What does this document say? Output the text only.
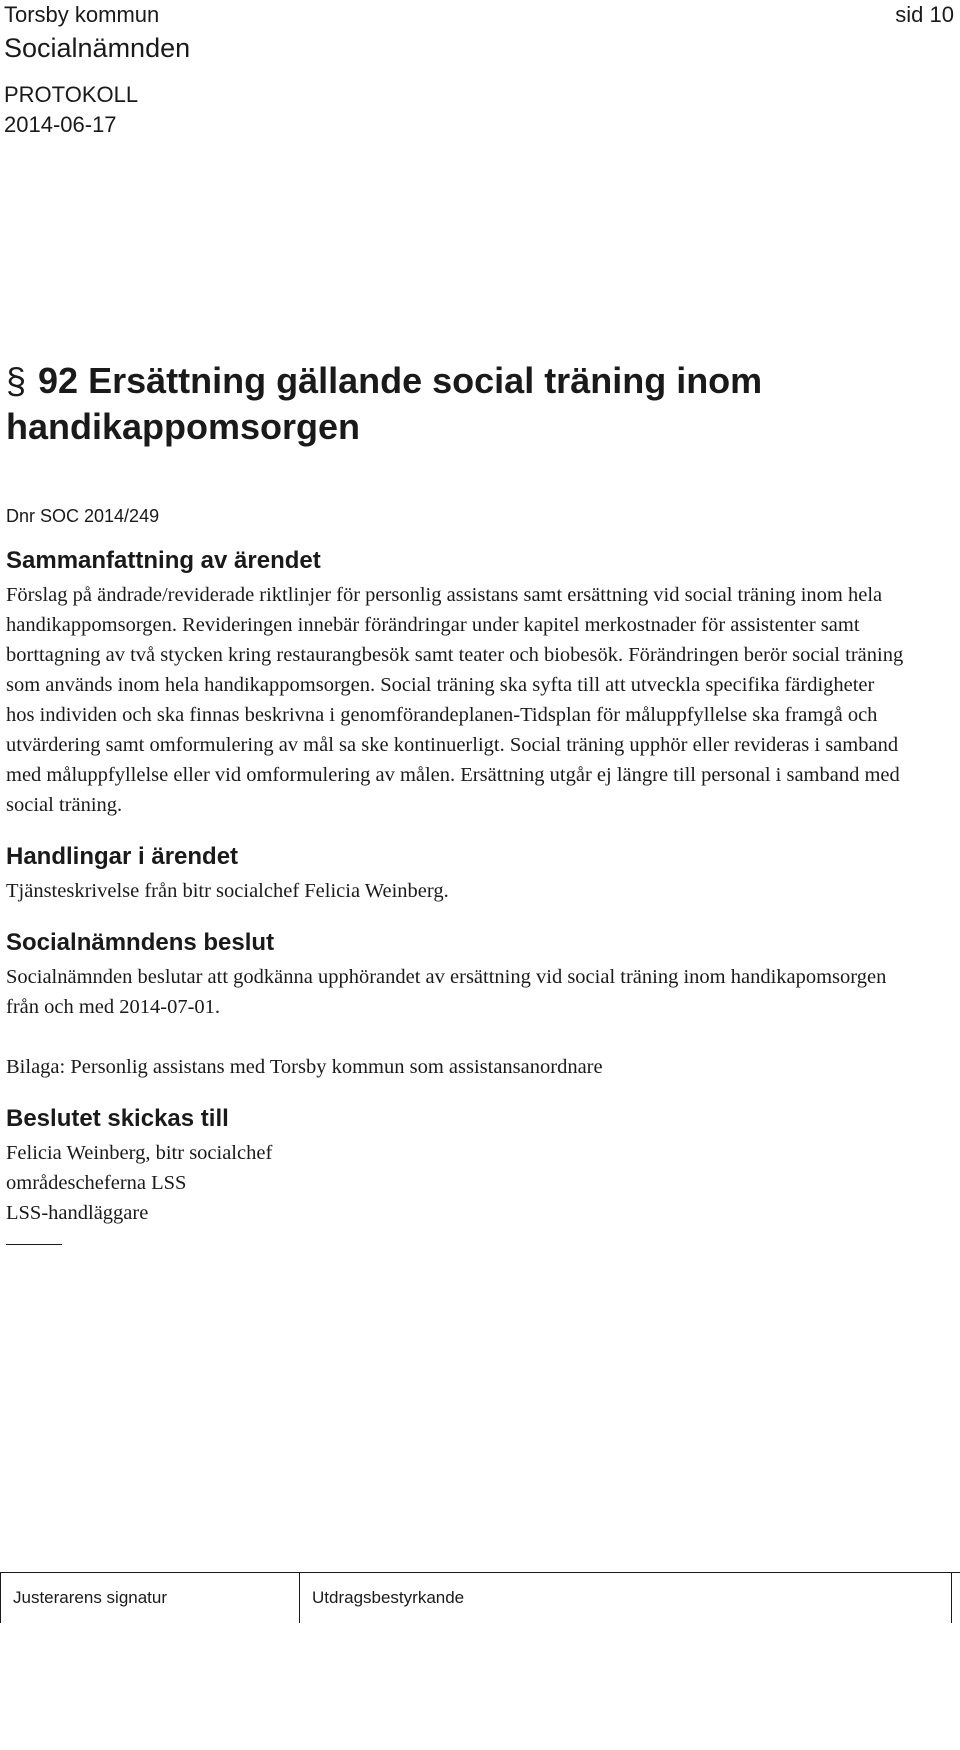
Torsby kommun

Socialnämnden

PROTOKOLL

2014-06-17

sid 10
§ 92 Ersättning gällande social träning inom handikappomsorgen

Dnr SOC 2014/249

Sammanfattning av ärendet

Förslag på ändrade/reviderade riktlinjer för personlig assistans samt ersättning vid social träning inom hela handikappomsorgen. Revideringen innebär förändringar under kapitel merkostnader för assistenter samt borttagning av två stycken kring restaurangbesök samt teater och biobesök. Förändringen berör social träning som används inom hela handikappomsorgen. Social träning ska syfta till att utveckla specifika färdigheter hos individen och ska finnas beskrivna i genomförandeplanen-Tidsplan för måluppfyllelse ska framgå och utvärdering samt omformulering av mål sa ske kontinuerligt. Social träning upphör eller revideras i samband med måluppfyllelse eller vid omformulering av målen. Ersättning utgår ej längre till personal i samband med social träning.

Handlingar i ärendet

Tjänsteskrivelse från bitr socialchef Felicia Weinberg.

Socialnämndens beslut

Socialnämnden beslutar att godkänna upphörandet av ersättning vid social träning inom handikapomsorgen från och med 2014-07-01.

Bilaga: Personlig assistans med Torsby kommun som assistansanordnare

Beslutet skickas till

Felicia Weinberg, bitr socialchef

områdescheferna LSS

LSS-handläggare

Justerarens signatur	Utdragsbestyrkande
